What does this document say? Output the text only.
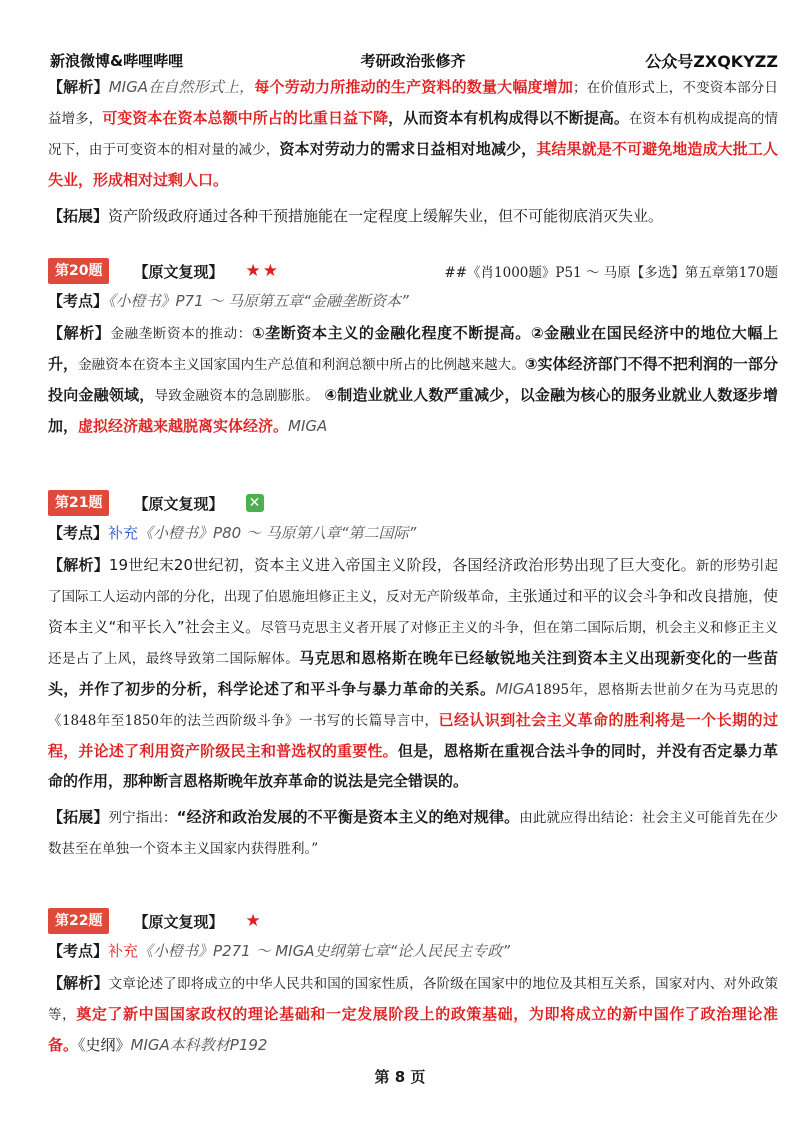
新浪微博&哔哩哔哩	考研政治张修齐	公众号ZXQKYZZ

【解析】MIGA在自然形式上，每个劳动力所推动的生产资料的数量大幅度增加；在价值形式上，不变资本部分日益增多，可变资本在资本总额中所占的比重日益下降，从而资本有机构成得以不断提高。在资本有机构成提高的情况下，由于可变资本的相对量的减少，资本对劳动力的需求日益相对地减少，其结果就是不可避免地造成大批工人失业，形成相对过剩人口。

【拓展】资产阶级政府通过各种干预措施能在一定程度上缓解失业，但不可能彻底消灭失业。

第20题	【原文复现】 ★★	##《肖1000题》P51 ～ 马原【多选】第五章第170题

【考点】《小橙书》P71 ～ 马原第五章“金融垄断资本”

【解析】金融垄断资本的推动：①垄断资本主义的金融化程度不断提高。②金融业在国民经济中的地位大幅上升，金融资本在资本主义国家国内生产总值和利润总额中所占的比例越来越大。③实体经济部门不得不把利润的一部分投向金融领域，导致金融资本的急剧膨胀。 ④制造业就业人数严重减少，以金融为核心的服务业就业人数逐步增加，虚拟经济越来越脱离实体经济。MIGA

第21题	【原文复现】 ✕

【考点】补充《小橙书》P80 ～ 马原第八章“第二国际”

【解析】19世纪末20世纪初，资本主义进入帝国主义阶段，各国经济政治形势出现了巨大变化。新的形势引起了国际工人运动内部的分化，出现了伯恩施坦修正主义，反对无产阶级革命，主张通过和平的议会斗争和改良措施，使资本主义“和平长入”社会主义。尽管马克思主义者开展了对修正主义的斗争，但在第二国际后期，机会主义和修正主义还是占了上风，最终导致第二国际解体。马克思和恩格斯在晚年已经敏锐地关注到资本主义出现新变化的一些苗头，并作了初步的分析，科学论述了和平斗争与暴力革命的关系。MIGA1895年，恩格斯去世前夕在为马克思的《1848年至1850年的法兰西阶级斗争》一书写的长篇导言中，已经认识到社会主义革命的胜利将是一个长期的过程，并论述了利用资产阶级民主和普选权的重要性。但是，恩格斯在重视合法斗争的同时，并没有否定暴力革命的作用，那种断言恩格斯晚年放弃革命的说法是完全错误的。

【拓展】列宁指出：“经济和政治发展的不平衡是资本主义的绝对规律。由此就应得出结论：社会主义可能首先在少数甚至在单独一个资本主义国家内获得胜利。”

第22题	【原文复现】 ★

【考点】补充《小橙书》P271 ～ MIGA史纲第七章“论人民民主专政”

【解析】文章论述了即将成立的中华人民共和国的国家性质，各阶级在国家中的地位及其相互关系，国家对内、对外政策等，奠定了新中国国家政权的理论基础和一定发展阶段上的政策基础，为即将成立的新中国作了政治理论准备。《史纲》MIGA本科教材P192

第 8 页
